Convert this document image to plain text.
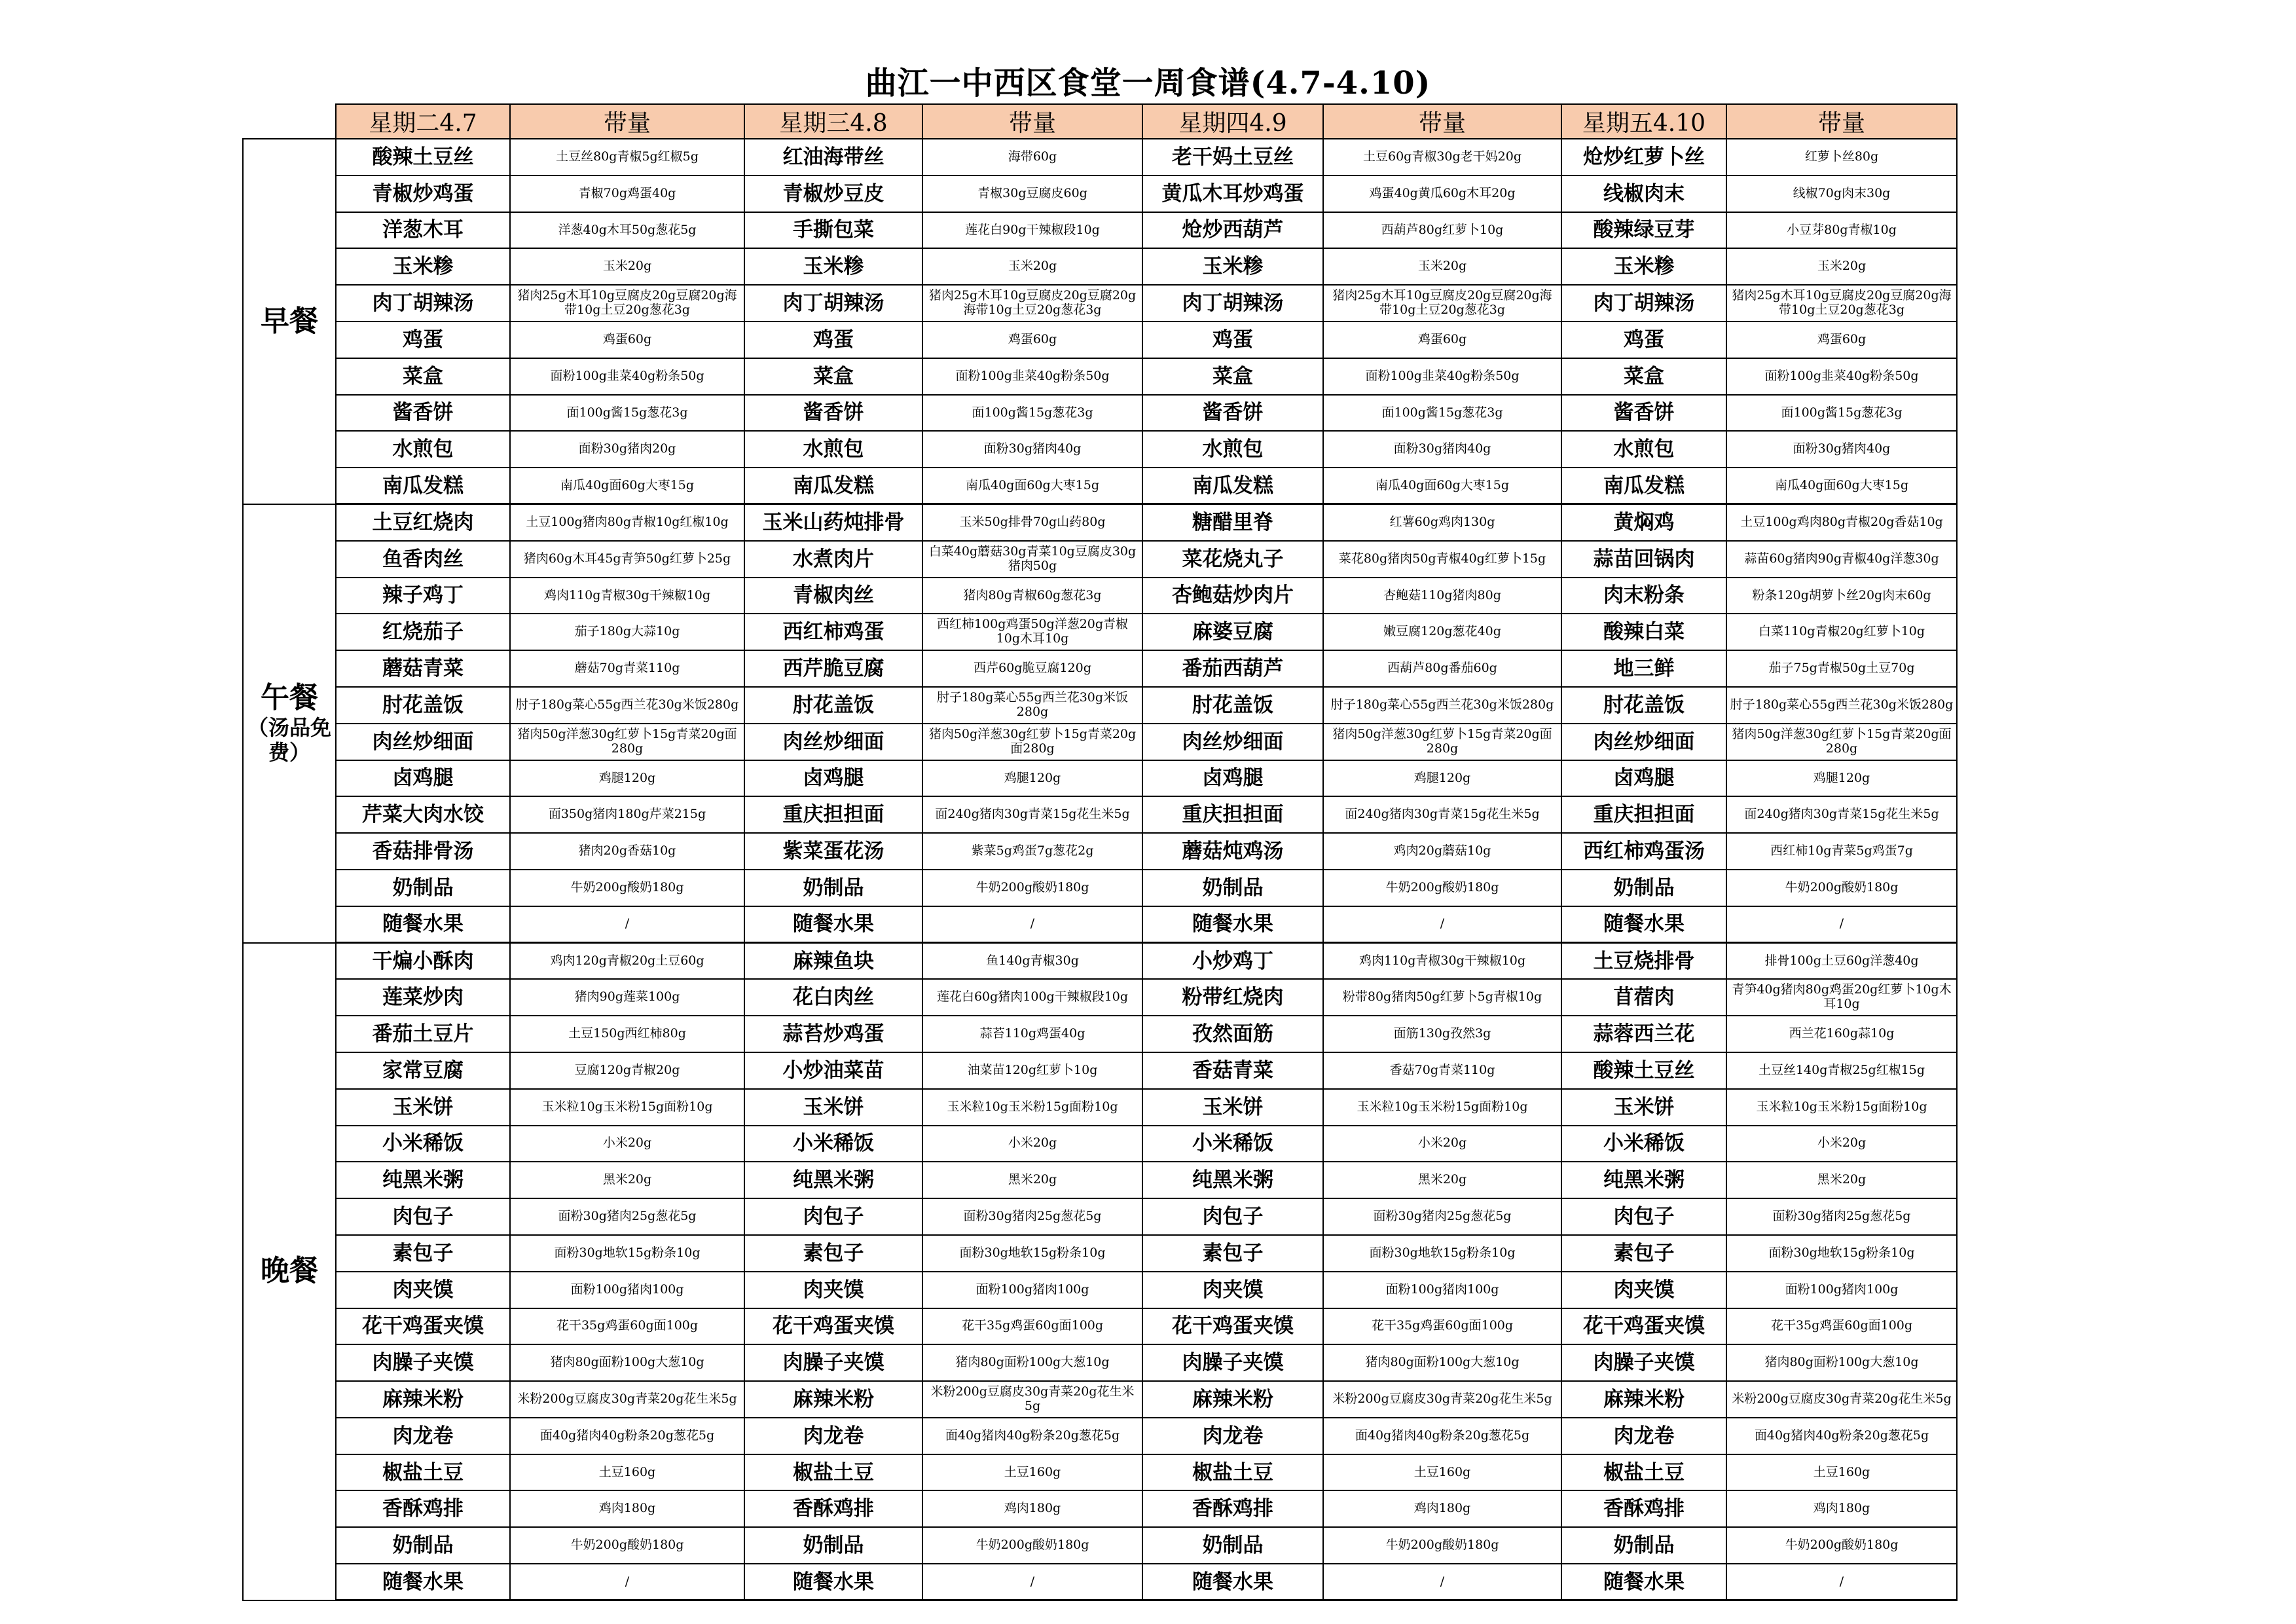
曲江一中西区食堂一周食谱(4.7-4.10)
	星期二4.7	带量	星期三4.8	带量	星期四4.9	带量	星期五4.10	带量
早餐	酸辣土豆丝	土豆丝80g青椒5g红椒5g	红油海带丝	海带60g	老干妈土豆丝	土豆60g青椒30g老干妈20g	炝炒红萝卜丝	红萝卜丝80g
	青椒炒鸡蛋	青椒70g鸡蛋40g	青椒炒豆皮	青椒30g豆腐皮60g	黄瓜木耳炒鸡蛋	鸡蛋40g黄瓜60g木耳20g	线椒肉末	线椒70g肉末30g
	洋葱木耳	洋葱40g木耳50g葱花5g	手撕包菜	莲花白90g干辣椒段10g	炝炒西葫芦	西葫芦80g红萝卜10g	酸辣绿豆芽	小豆芽80g青椒10g
	玉米糁	玉米20g	玉米糁	玉米20g	玉米糁	玉米20g	玉米糁	玉米20g
	肉丁胡辣汤	猪肉25g木耳10g豆腐皮20g豆腐20g海带10g土豆20g葱花3g	肉丁胡辣汤	猪肉25g木耳10g豆腐皮20g豆腐20g海带10g土豆20g葱花3g	肉丁胡辣汤	猪肉25g木耳10g豆腐皮20g豆腐20g海带10g土豆20g葱花3g	肉丁胡辣汤	猪肉25g木耳10g豆腐皮20g豆腐20g海带10g土豆20g葱花3g
	鸡蛋	鸡蛋60g	鸡蛋	鸡蛋60g	鸡蛋	鸡蛋60g	鸡蛋	鸡蛋60g
	菜盒	面粉100g韭菜40g粉条50g	菜盒	面粉100g韭菜40g粉条50g	菜盒	面粉100g韭菜40g粉条50g	菜盒	面粉100g韭菜40g粉条50g
	酱香饼	面100g酱15g葱花3g	酱香饼	面100g酱15g葱花3g	酱香饼	面100g酱15g葱花3g	酱香饼	面100g酱15g葱花3g
	水煎包	面粉30g猪肉20g	水煎包	面粉30g猪肉40g	水煎包	面粉30g猪肉40g	水煎包	面粉30g猪肉40g
	南瓜发糕	南瓜40g面60g大枣15g	南瓜发糕	南瓜40g面60g大枣15g	南瓜发糕	南瓜40g面60g大枣15g	南瓜发糕	南瓜40g面60g大枣15g
午餐
（汤品免费）	土豆红烧肉	土豆100g猪肉80g青椒10g红椒10g	玉米山药炖排骨	玉米50g排骨70g山药80g	糖醋里脊	红薯60g鸡肉130g	黄焖鸡	土豆100g鸡肉80g青椒20g香菇10g
	鱼香肉丝	猪肉60g木耳45g青笋50g红萝卜25g	水煮肉片	白菜40g蘑菇30g青菜10g豆腐皮30g猪肉50g	菜花烧丸子	菜花80g猪肉50g青椒40g红萝卜15g	蒜苗回锅肉	蒜苗60g猪肉90g青椒40g洋葱30g
	辣子鸡丁	鸡肉110g青椒30g干辣椒10g	青椒肉丝	猪肉80g青椒60g葱花3g	杏鲍菇炒肉片	杏鲍菇110g猪肉80g	肉末粉条	粉条120g胡萝卜丝20g肉末60g
	红烧茄子	茄子180g大蒜10g	西红柿鸡蛋	西红柿100g鸡蛋50g洋葱20g青椒10g木耳10g	麻婆豆腐	嫩豆腐120g葱花40g	酸辣白菜	白菜110g青椒20g红萝卜10g
	蘑菇青菜	蘑菇70g青菜110g	西芹脆豆腐	西芹60g脆豆腐120g	番茄西葫芦	西葫芦80g番茄60g	地三鲜	茄子75g青椒50g土豆70g
	肘花盖饭	肘子180g菜心55g西兰花30g米饭280g	肘花盖饭	肘子180g菜心55g西兰花30g米饭280g	肘花盖饭	肘子180g菜心55g西兰花30g米饭280g	肘花盖饭	肘子180g菜心55g西兰花30g米饭280g
	肉丝炒细面	猪肉50g洋葱30g红萝卜15g青菜20g面280g	肉丝炒细面	猪肉50g洋葱30g红萝卜15g青菜20g面280g	肉丝炒细面	猪肉50g洋葱30g红萝卜15g青菜20g面280g	肉丝炒细面	猪肉50g洋葱30g红萝卜15g青菜20g面280g
	卤鸡腿	鸡腿120g	卤鸡腿	鸡腿120g	卤鸡腿	鸡腿120g	卤鸡腿	鸡腿120g
	芹菜大肉水饺	面350g猪肉180g芹菜215g	重庆担担面	面240g猪肉30g青菜15g花生米5g	重庆担担面	面240g猪肉30g青菜15g花生米5g	重庆担担面	面240g猪肉30g青菜15g花生米5g
	香菇排骨汤	猪肉20g香菇10g	紫菜蛋花汤	紫菜5g鸡蛋7g葱花2g	蘑菇炖鸡汤	鸡肉20g蘑菇10g	西红柿鸡蛋汤	西红柿10g青菜5g鸡蛋7g
	奶制品	牛奶200g酸奶180g	奶制品	牛奶200g酸奶180g	奶制品	牛奶200g酸奶180g	奶制品	牛奶200g酸奶180g
	随餐水果	/	随餐水果	/	随餐水果	/	随餐水果	/
晚餐	干煸小酥肉	鸡肉120g青椒20g土豆60g	麻辣鱼块	鱼140g青椒30g	小炒鸡丁	鸡肉110g青椒30g干辣椒10g	土豆烧排骨	排骨100g土豆60g洋葱40g
	莲菜炒肉	猪肉90g莲菜100g	花白肉丝	莲花白60g猪肉100g干辣椒段10g	粉带红烧肉	粉带80g猪肉50g红萝卜5g青椒10g	苜蓿肉	青笋40g猪肉80g鸡蛋20g红萝卜10g木耳10g
	番茄土豆片	土豆150g西红柿80g	蒜苔炒鸡蛋	蒜苔110g鸡蛋40g	孜然面筋	面筋130g孜然3g	蒜蓉西兰花	西兰花160g蒜10g
	家常豆腐	豆腐120g青椒20g	小炒油菜苗	油菜苗120g红萝卜10g	香菇青菜	香菇70g青菜110g	酸辣土豆丝	土豆丝140g青椒25g红椒15g
	玉米饼	玉米粒10g玉米粉15g面粉10g	玉米饼	玉米粒10g玉米粉15g面粉10g	玉米饼	玉米粒10g玉米粉15g面粉10g	玉米饼	玉米粒10g玉米粉15g面粉10g
	小米稀饭	小米20g	小米稀饭	小米20g	小米稀饭	小米20g	小米稀饭	小米20g
	纯黑米粥	黑米20g	纯黑米粥	黑米20g	纯黑米粥	黑米20g	纯黑米粥	黑米20g
	肉包子	面粉30g猪肉25g葱花5g	肉包子	面粉30g猪肉25g葱花5g	肉包子	面粉30g猪肉25g葱花5g	肉包子	面粉30g猪肉25g葱花5g
	素包子	面粉30g地软15g粉条10g	素包子	面粉30g地软15g粉条10g	素包子	面粉30g地软15g粉条10g	素包子	面粉30g地软15g粉条10g
	肉夹馍	面粉100g猪肉100g	肉夹馍	面粉100g猪肉100g	肉夹馍	面粉100g猪肉100g	肉夹馍	面粉100g猪肉100g
	花干鸡蛋夹馍	花干35g鸡蛋60g面100g	花干鸡蛋夹馍	花干35g鸡蛋60g面100g	花干鸡蛋夹馍	花干35g鸡蛋60g面100g	花干鸡蛋夹馍	花干35g鸡蛋60g面100g
	肉臊子夹馍	猪肉80g面粉100g大葱10g	肉臊子夹馍	猪肉80g面粉100g大葱10g	肉臊子夹馍	猪肉80g面粉100g大葱10g	肉臊子夹馍	猪肉80g面粉100g大葱10g
	麻辣米粉	米粉200g豆腐皮30g青菜20g花生米5g	麻辣米粉	米粉200g豆腐皮30g青菜20g花生米5g	麻辣米粉	米粉200g豆腐皮30g青菜20g花生米5g	麻辣米粉	米粉200g豆腐皮30g青菜20g花生米5g
	肉龙卷	面40g猪肉40g粉条20g葱花5g	肉龙卷	面40g猪肉40g粉条20g葱花5g	肉龙卷	面40g猪肉40g粉条20g葱花5g	肉龙卷	面40g猪肉40g粉条20g葱花5g
	椒盐土豆	土豆160g	椒盐土豆	土豆160g	椒盐土豆	土豆160g	椒盐土豆	土豆160g
	香酥鸡排	鸡肉180g	香酥鸡排	鸡肉180g	香酥鸡排	鸡肉180g	香酥鸡排	鸡肉180g
	奶制品	牛奶200g酸奶180g	奶制品	牛奶200g酸奶180g	奶制品	牛奶200g酸奶180g	奶制品	牛奶200g酸奶180g
	随餐水果	/	随餐水果	/	随餐水果	/	随餐水果	/
